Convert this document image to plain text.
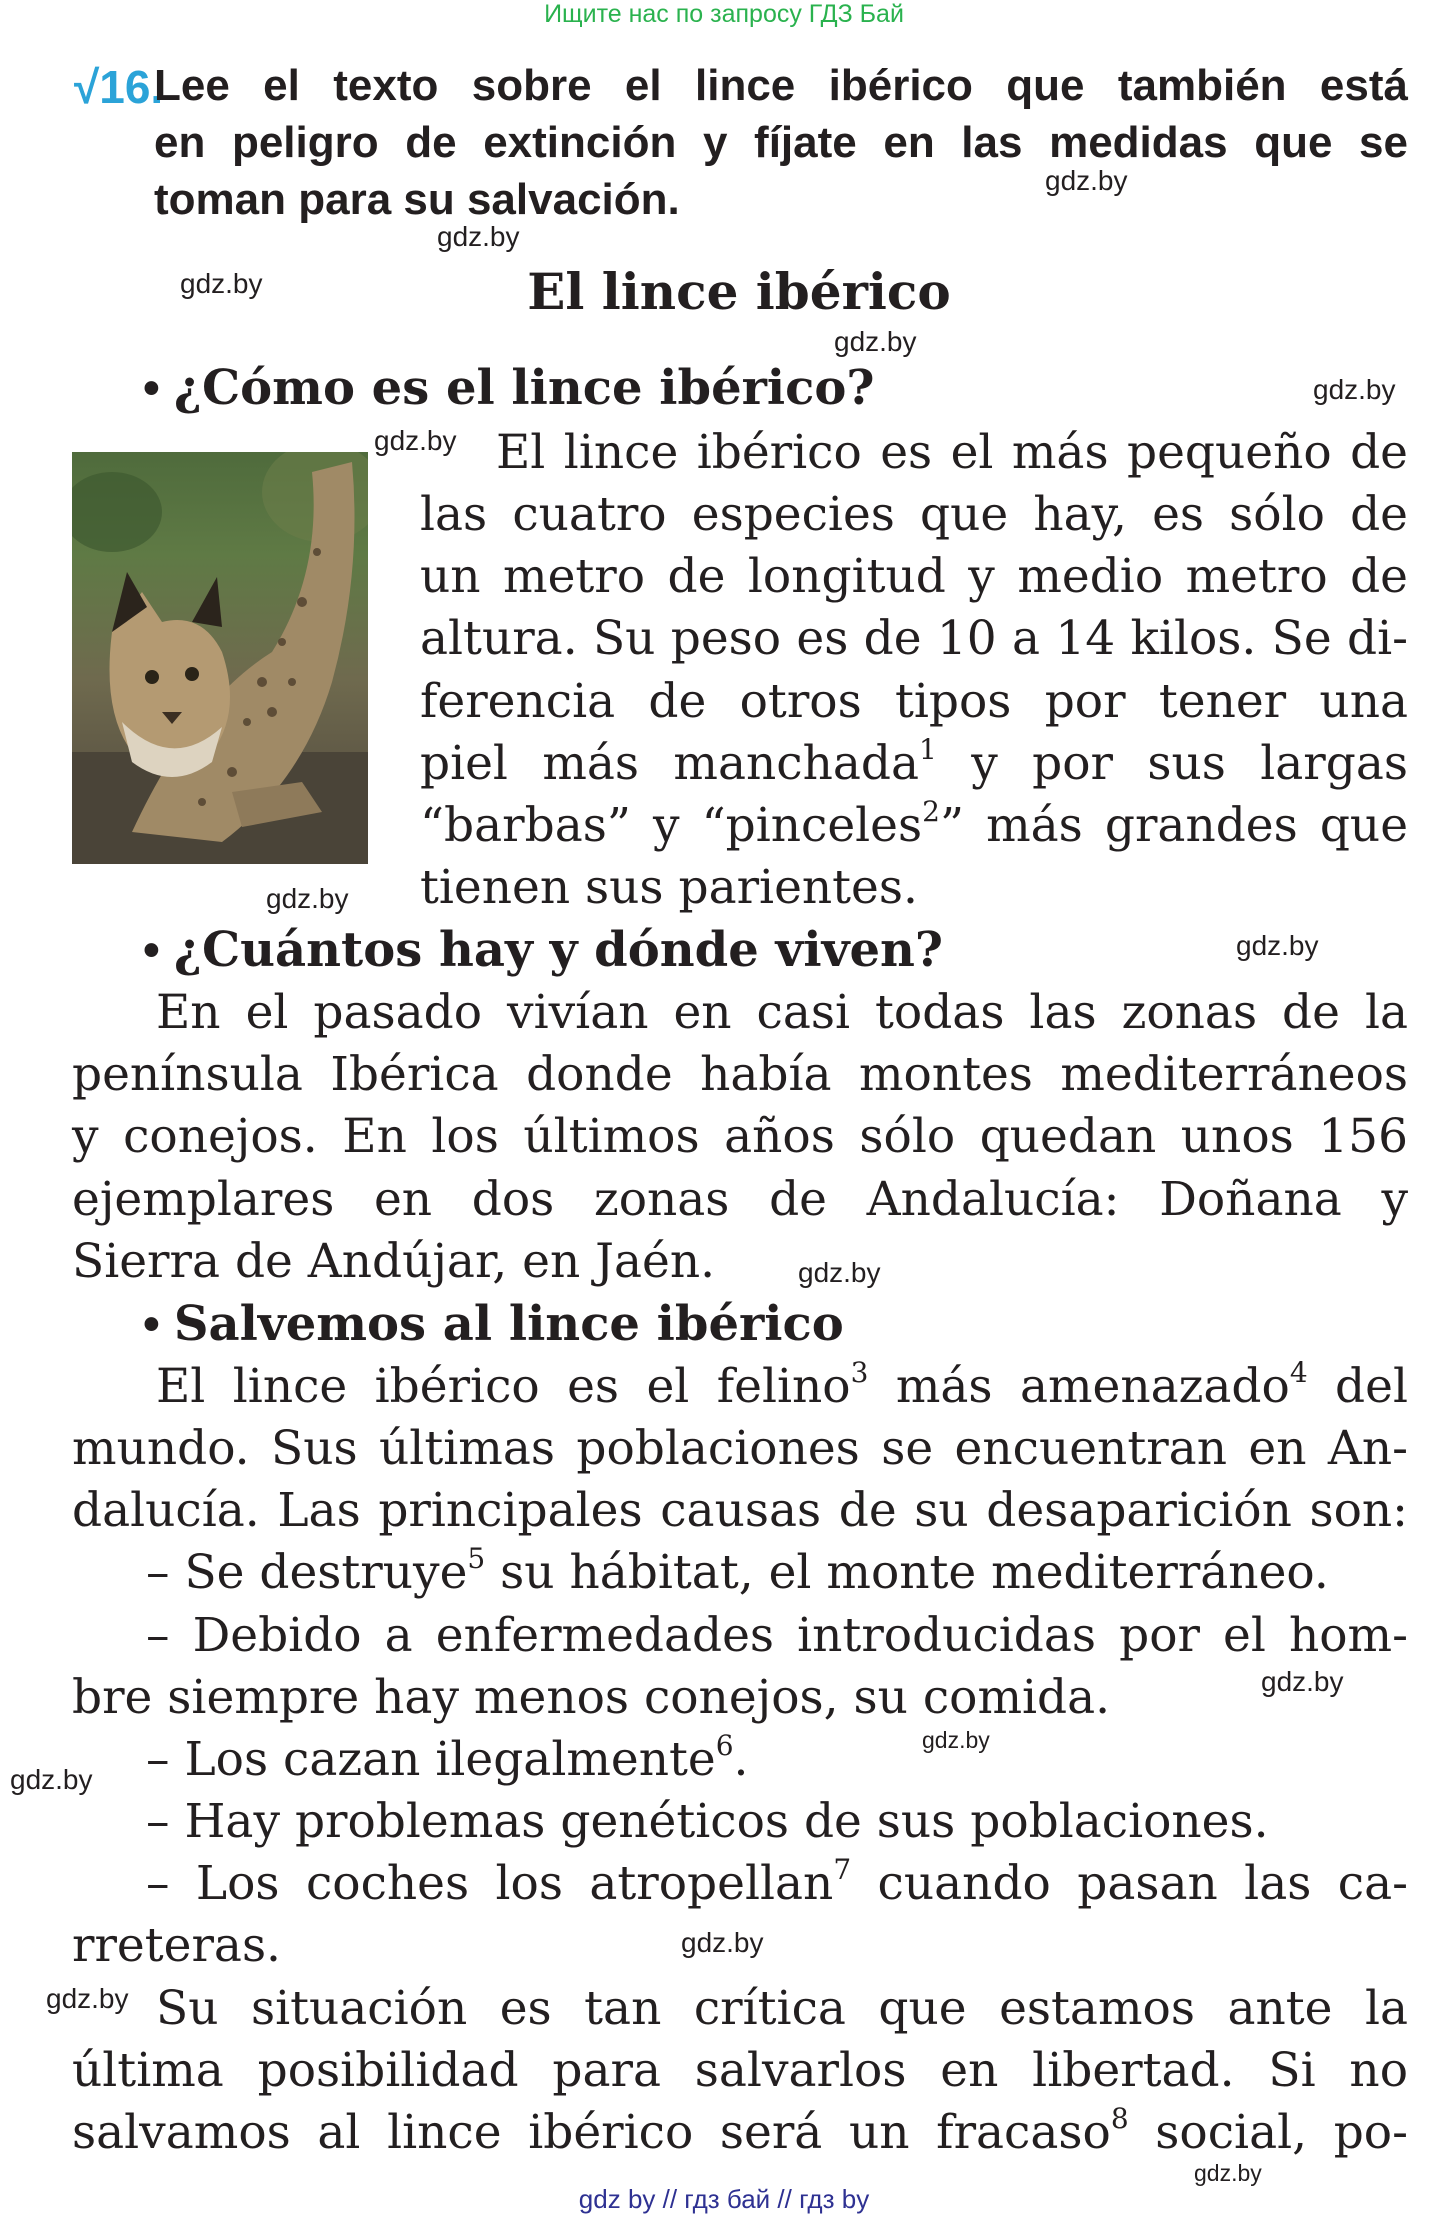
Ищите нас по запросу ГДЗ Бай
√16.
Lee el texto sobre el lince ibérico que también está
en peligro de extinción y fíjate en las medidas que se
toman para su salvación.
El lince ibérico
• ¿Cómo es el lince ibérico?
El lince ibérico es el más pequeño de
las cuatro especies que hay, es sólo de
un metro de longitud y medio metro de
altura. Su peso es de 10 a 14 kilos. Se di-
ferencia de otros tipos por tener una
piel más manchada$^1$ y por sus largas
“barbas” y “pinceles$^2$” más grandes que
tienen sus parientes.
• ¿Cuántos hay y dónde viven?
En el pasado vivían en casi todas las zonas de la
península Ibérica donde había montes mediterráneos
y conejos. En los últimos años sólo quedan unos 156
ejemplares en dos zonas de Andalucía: Doñana y
Sierra de Andújar, en Jaén.
• Salvemos al lince ibérico
El lince ibérico es el felino$^3$ más amenazado$^4$ del
mundo. Sus últimas poblaciones se encuentran en An-
dalucía. Las principales causas de su desaparición son:
– Se destruye$^5$ su hábitat, el monte mediterráneo.
– Debido a enfermedades introducidas por el hom-
bre siempre hay menos conejos, su comida.
– Los cazan ilegalmente$^6$.
– Hay problemas genéticos de sus poblaciones.
– Los coches los atropellan$^7$ cuando pasan las ca-
rreteras.
Su situación es tan crítica que estamos ante la
última posibilidad para salvarlos en libertad. Si no
salvamos al lince ibérico será un fracaso$^8$ social, po-
gdz.by
gdz.by
gdz.by
gdz.by
gdz.by
gdz.by
gdz.by
gdz.by
gdz.by
gdz.by
gdz.by
gdz.by
gdz.by
gdz.by
gdz.by
gdz by // гдз бай // гдз by
